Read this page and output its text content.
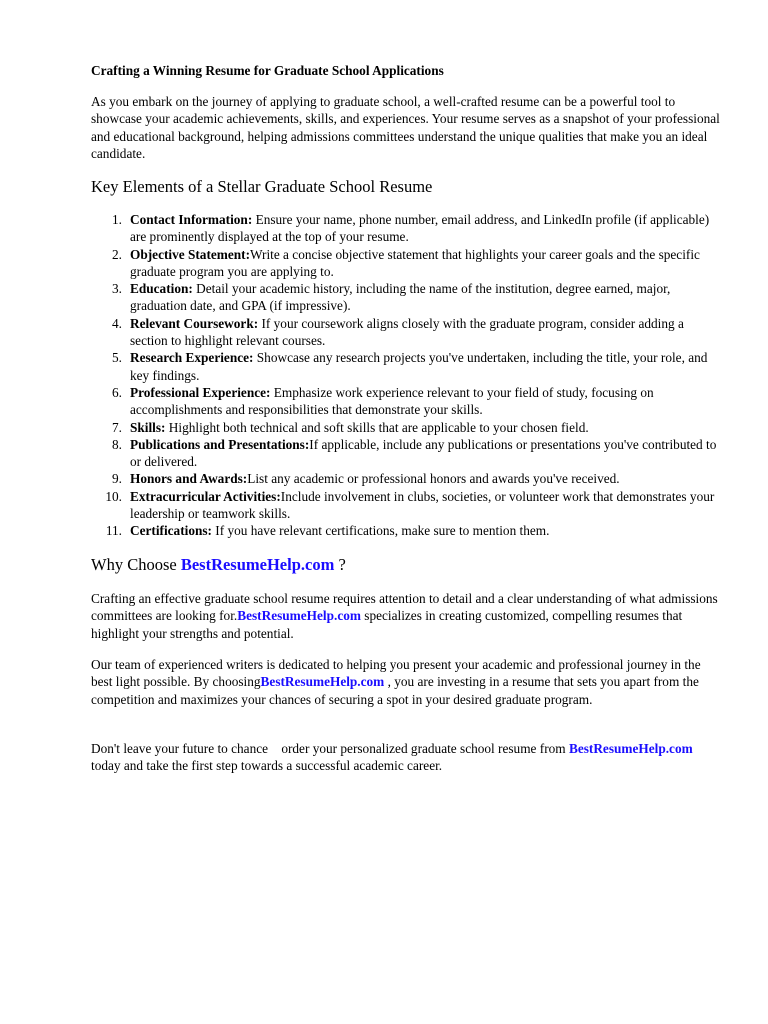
Crafting a Winning Resume for Graduate School Applications

As you embark on the journey of applying to graduate school, a well-crafted resume can be a powerful tool to showcase your academic achievements, skills, and experiences. Your resume serves as a snapshot of your professional and educational background, helping admissions committees understand the unique qualities that make you an ideal candidate.

Key Elements of a Stellar Graduate School Resume
1. Contact Information: Ensure your name, phone number, email address, and LinkedIn profile (if applicable) are prominently displayed at the top of your resume.
2. Objective Statement:Write a concise objective statement that highlights your career goals and the specific graduate program you are applying to.
3. Education: Detail your academic history, including the name of the institution, degree earned, major, graduation date, and GPA (if impressive).
4. Relevant Coursework: If your coursework aligns closely with the graduate program, consider adding a section to highlight relevant courses.
5. Research Experience: Showcase any research projects you've undertaken, including the title, your role, and key findings.
6. Professional Experience: Emphasize work experience relevant to your field of study, focusing on accomplishments and responsibilities that demonstrate your skills.
7. Skills: Highlight both technical and soft skills that are applicable to your chosen field.
8. Publications and Presentations:If applicable, include any publications or presentations you've contributed to or delivered.
9. Honors and Awards:List any academic or professional honors and awards you've received.
10. Extracurricular Activities:Include involvement in clubs, societies, or volunteer work that demonstrates your leadership or teamwork skills.
11. Certifications: If you have relevant certifications, make sure to mention them.
Why Choose BestResumeHelp.com ?

Crafting an effective graduate school resume requires attention to detail and a clear understanding of what admissions committees are looking for.BestResumeHelp.com specializes in creating customized, compelling resumes that highlight your strengths and potential.

Our team of experienced writers is dedicated to helping you present your academic and professional journey in the best light possible. By choosingBestResumeHelp.com , you are investing in a resume that sets you apart from the competition and maximizes your chances of securing a spot in your desired graduate program.

Don't leave your future to chance    order your personalized graduate school resume from BestResumeHelp.com today and take the first step towards a successful academic career.
